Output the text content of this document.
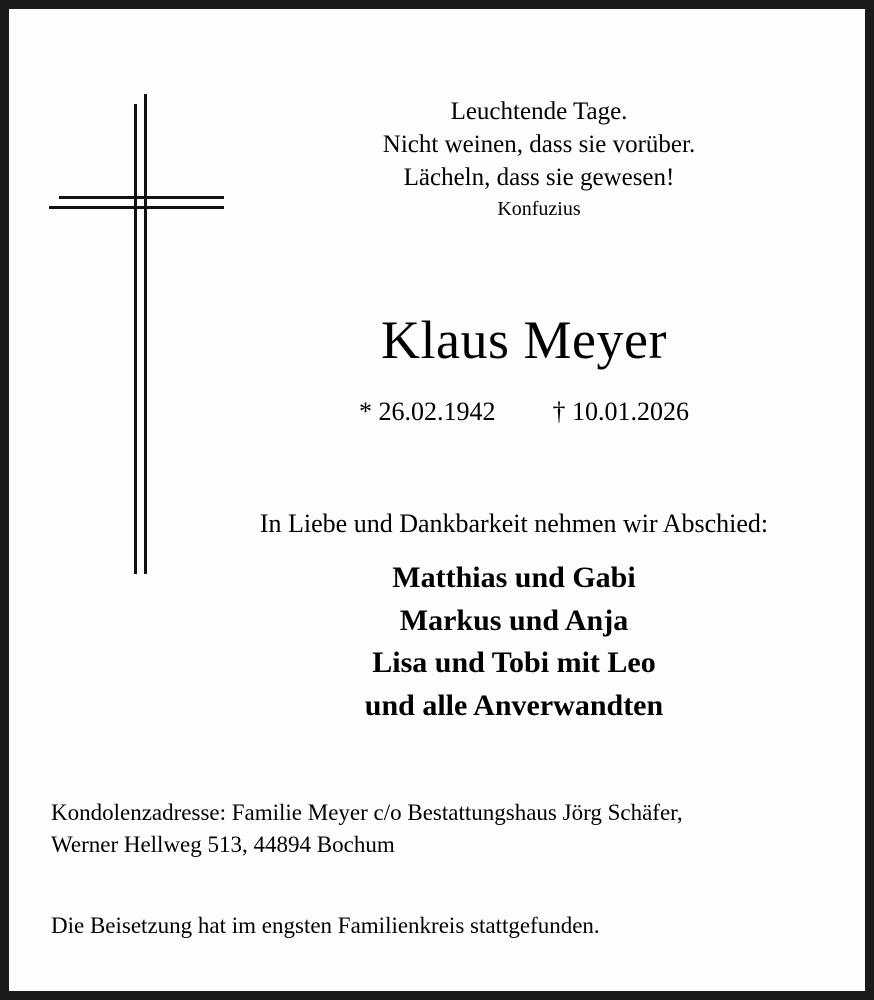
Leuchtende Tage.
Nicht weinen, dass sie vorüber.
Lächeln, dass sie gewesen!
Konfuzius
Klaus Meyer
* 26.02.1942 † 10.01.2026
In Liebe und Dankbarkeit nehmen wir Abschied:
Matthias und Gabi
Markus und Anja
Lisa und Tobi mit Leo
und alle Anverwandten
Kondolenzadresse: Familie Meyer c/o Bestattungshaus Jörg Schäfer,
Werner Hellweg 513, 44894 Bochum
Die Beisetzung hat im engsten Familienkreis stattgefunden.
